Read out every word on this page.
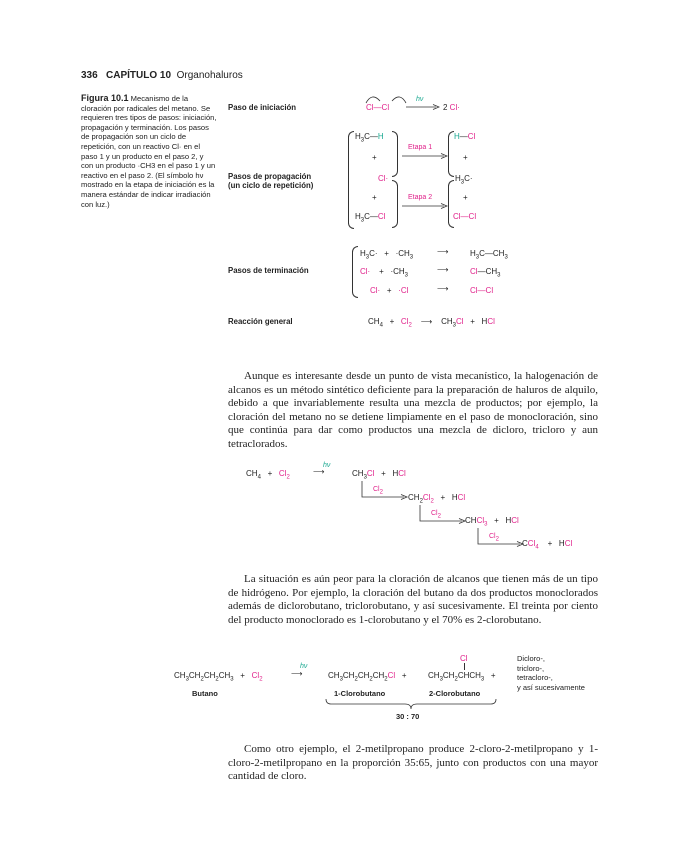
336 CAPÍTULO 10 Organohaluros
Figura 10.1 Mecanismo de la cloración por radicales del metano. Se requieren tres tipos de pasos: iniciación, propagación y terminación. Los pasos de propagación son un ciclo de repetición, con un reactivo Cl· en el paso 1 y un producto en el paso 2, y con un producto ·CH3 en el paso 1 y un reactivo en el paso 2. (El símbolo hν mostrado en la etapa de iniciación es la manera estándar de indicar irradiación con luz.)
Paso de iniciación
Pasos de propagación
(un ciclo de repetición)
Pasos de terminación
Reacción general
Cl—Cl
hν
2 Cl·
$H_3C—H$
+
Cl·
+
$H_3C—Cl$
Etapa 1
Etapa 2
H—Cl
+
$H_3C\cdot$
+
Cl—Cl
$H_3C\cdot + \cdot CH_3$
Cl·    +   $\cdot CH_3$
Cl·   +   ·Cl
⟶
⟶
⟶
$H_3C—CH_3$
$Cl—CH_3$
Cl—Cl
$CH_4 + Cl_2$    ⟶    $CH_3Cl$   +   HCl

Aunque es interesante desde un punto de vista mecanístico, la halogenación de alcanos es un método sintético deficiente para la preparación de haluros de alquilo, debido a que invariablemente resulta una mezcla de productos; por ejemplo, la cloración del metano no se detiene limpiamente en el paso de monocloración, sino que continúa para dar como productos una mezcla de dicloro, tricloro y aun tetraclorados.

$CH_4 + Cl_2$
hν
⟶	$CH_3Cl$   +   HCl
$Cl_2$
$CH_2Cl_2$   +   HCl
$Cl_2$	CHCl$_3$   +   HCl
$Cl_2$	CCl$_4$    +   HCl

La situación es aún peor para la cloración de alcanos que tienen más de un tipo de hidrógeno. Por ejemplo, la cloración del butano da dos productos monoclorados además de diclorobutano, triclorobutano, y así sucesivamente. El treinta por ciento del producto monoclorado es 1-clorobutano y el 70% es 2-clorobutano.

$CH_3CH_2CH_2CH_3 + Cl_2$
Butano
hν
⟶	$CH_3CH_2CH_2CH_2Cl$   +
Cl
$CH_3CH_2CHCH_3$   +
1-Clorobutano	2-Clorobutano
30 : 70
Dicloro-,
tricloro-,
tetracloro-,
y así sucesivamente

Como otro ejemplo, el 2-metilpropano produce 2-cloro-2-metilpropano y 1-cloro-2-metilpropano en la proporción 35:65, junto con productos con una mayor cantidad de cloro.
